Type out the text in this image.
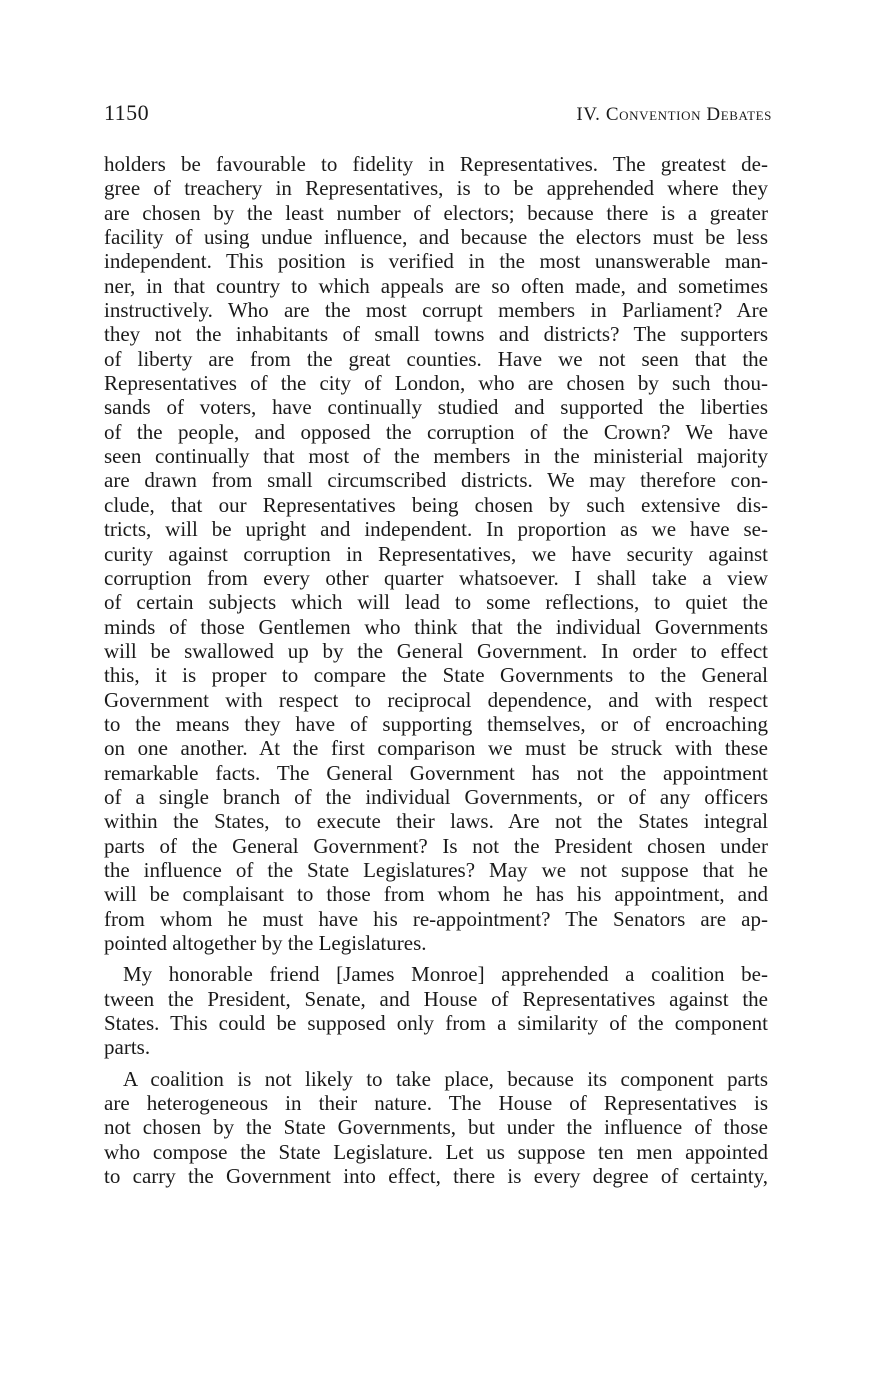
1150	IV. Convention Debates
holders be favourable to fidelity in Representatives. The greatest de-
gree of treachery in Representatives, is to be apprehended where they
are chosen by the least number of electors; because there is a greater
facility of using undue influence, and because the electors must be less
independent. This position is verified in the most unanswerable man-
ner, in that country to which appeals are so often made, and sometimes
instructively. Who are the most corrupt members in Parliament? Are
they not the inhabitants of small towns and districts? The supporters
of liberty are from the great counties. Have we not seen that the
Representatives of the city of London, who are chosen by such thou-
sands of voters, have continually studied and supported the liberties
of the people, and opposed the corruption of the Crown? We have
seen continually that most of the members in the ministerial majority
are drawn from small circumscribed districts. We may therefore con-
clude, that our Representatives being chosen by such extensive dis-
tricts, will be upright and independent. In proportion as we have se-
curity against corruption in Representatives, we have security against
corruption from every other quarter whatsoever. I shall take a view
of certain subjects which will lead to some reflections, to quiet the
minds of those Gentlemen who think that the individual Governments
will be swallowed up by the General Government. In order to effect
this, it is proper to compare the State Governments to the General
Government with respect to reciprocal dependence, and with respect
to the means they have of supporting themselves, or of encroaching
on one another. At the first comparison we must be struck with these
remarkable facts. The General Government has not the appointment
of a single branch of the individual Governments, or of any officers
within the States, to execute their laws. Are not the States integral
parts of the General Government? Is not the President chosen under
the influence of the State Legislatures? May we not suppose that he
will be complaisant to those from whom he has his appointment, and
from whom he must have his re-appointment? The Senators are ap-
pointed altogether by the Legislatures.
My honorable friend [James Monroe] apprehended a coalition be-
tween the President, Senate, and House of Representatives against the
States. This could be supposed only from a similarity of the component
parts.
A coalition is not likely to take place, because its component parts
are heterogeneous in their nature. The House of Representatives is
not chosen by the State Governments, but under the influence of those
who compose the State Legislature. Let us suppose ten men appointed
to carry the Government into effect, there is every degree of certainty,
